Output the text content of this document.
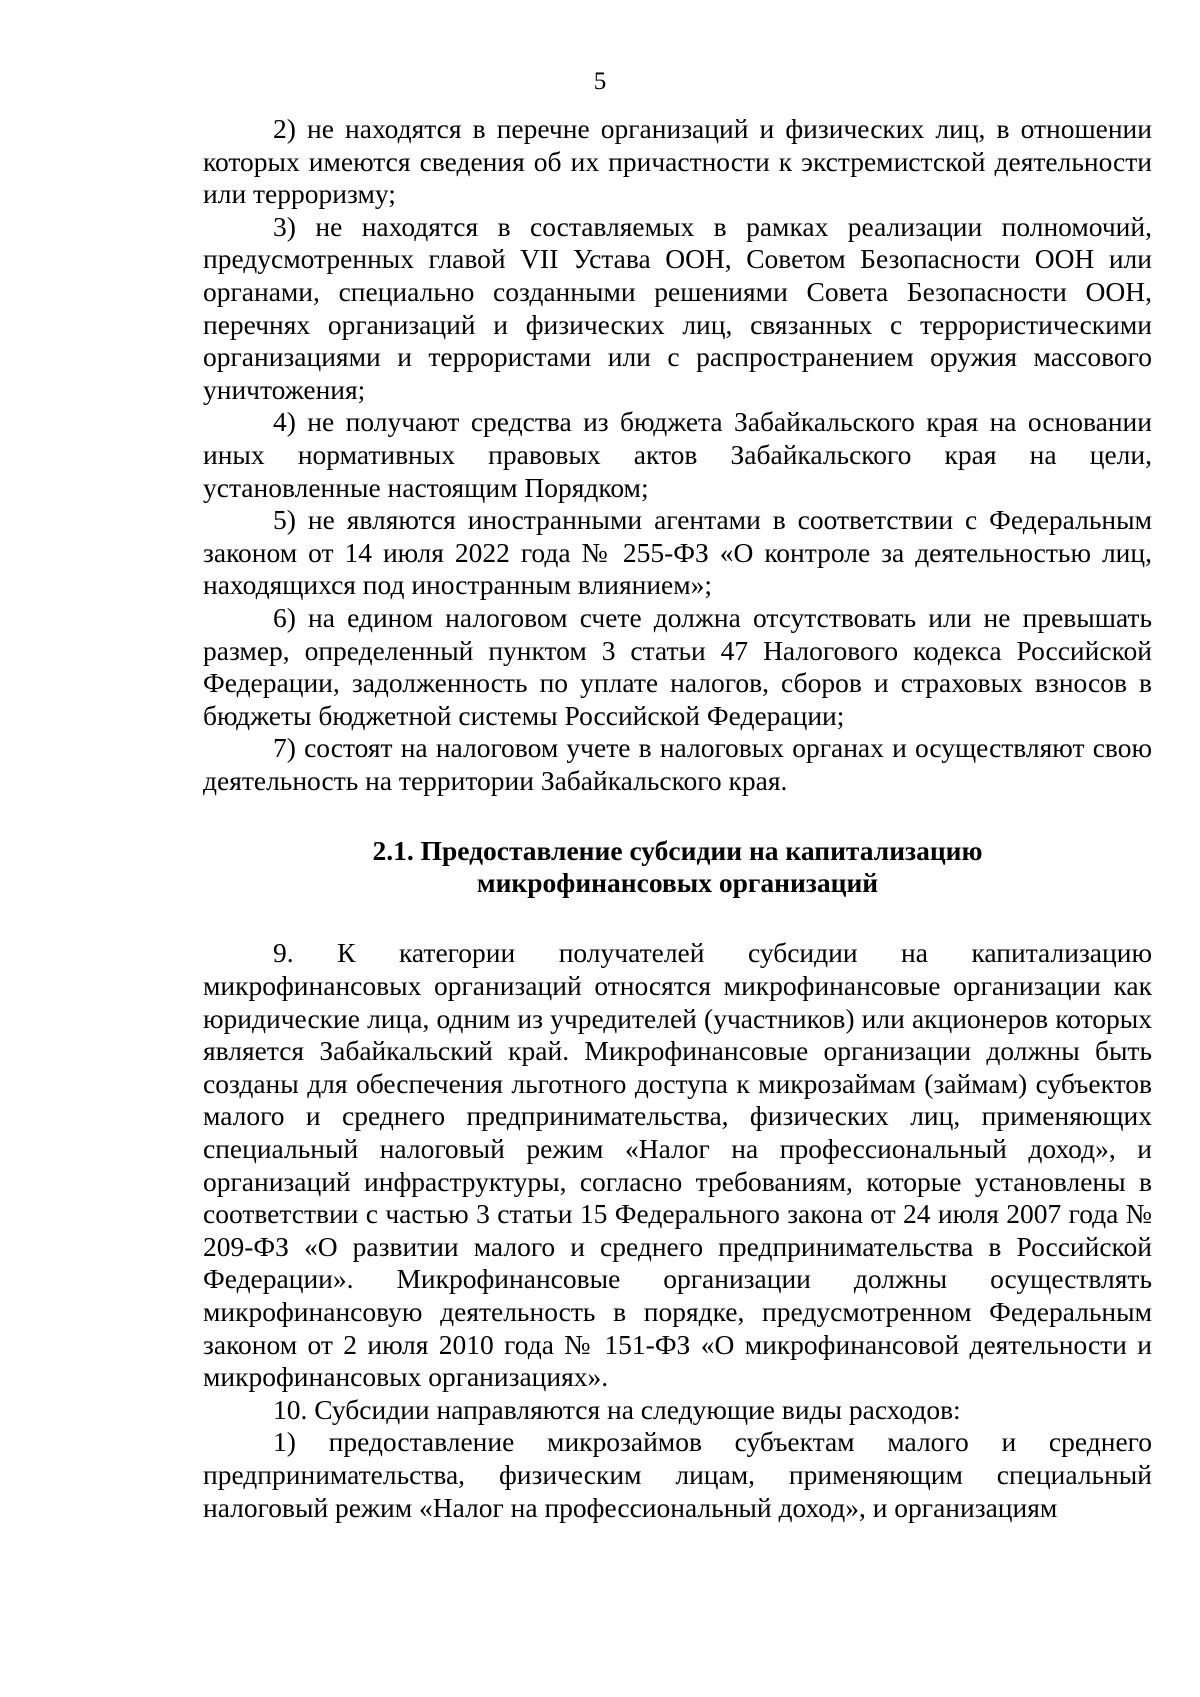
5

2) не находятся в перечне организаций и физических лиц, в отношении которых имеются сведения об их причастности к экстремистской деятельности или терроризму;

3) не находятся в составляемых в рамках реализации полномочий, предусмотренных главой VII Устава ООН, Советом Безопасности ООН или органами, специально созданными решениями Совета Безопасности ООН, перечнях организаций и физических лиц, связанных с террористическими организациями и террористами или с распространением оружия массового уничтожения;

4) не получают средства из бюджета Забайкальского края на основании иных нормативных правовых актов Забайкальского края на цели, установленные настоящим Порядком;

5) не являются иностранными агентами в соответствии с Федеральным законом от 14 июля 2022 года № 255-ФЗ «О контроле за деятельностью лиц, находящихся под иностранным влиянием»;

6) на едином налоговом счете должна отсутствовать или не превышать размер, определенный пунктом 3 статьи 47 Налогового кодекса Российской Федерации, задолженность по уплате налогов, сборов и страховых взносов в бюджеты бюджетной системы Российской Федерации;

7) состоят на налоговом учете в налоговых органах и осуществляют свою деятельность на территории Забайкальского края.

2.1. Предоставление субсидии на капитализацию
микрофинансовых организаций

9. К категории получателей субсидии на капитализацию микрофинансовых организаций относятся микрофинансовые организации как юридические лица, одним из учредителей (участников) или акционеров которых является Забайкальский край. Микрофинансовые организации должны быть созданы для обеспечения льготного доступа к микрозаймам (займам) субъектов малого и среднего предпринимательства, физических лиц, применяющих специальный налоговый режим «Налог на профессиональный доход», и организаций инфраструктуры, согласно требованиям, которые установлены в соответствии с частью 3 статьи 15 Федерального закона от 24 июля 2007 года № 209-ФЗ «О развитии малого и среднего предпринимательства в Российской Федерации». Микрофинансовые организации должны осуществлять микрофинансовую деятельность в порядке, предусмотренном Федеральным законом от 2 июля 2010 года № 151-ФЗ «О микрофинансовой деятельности и микрофинансовых организациях».

10. Субсидии направляются на следующие виды расходов:

1) предоставление микрозаймов субъектам малого и среднего предпринимательства, физическим лицам, применяющим специальный налоговый режим «Налог на профессиональный доход», и организациям
